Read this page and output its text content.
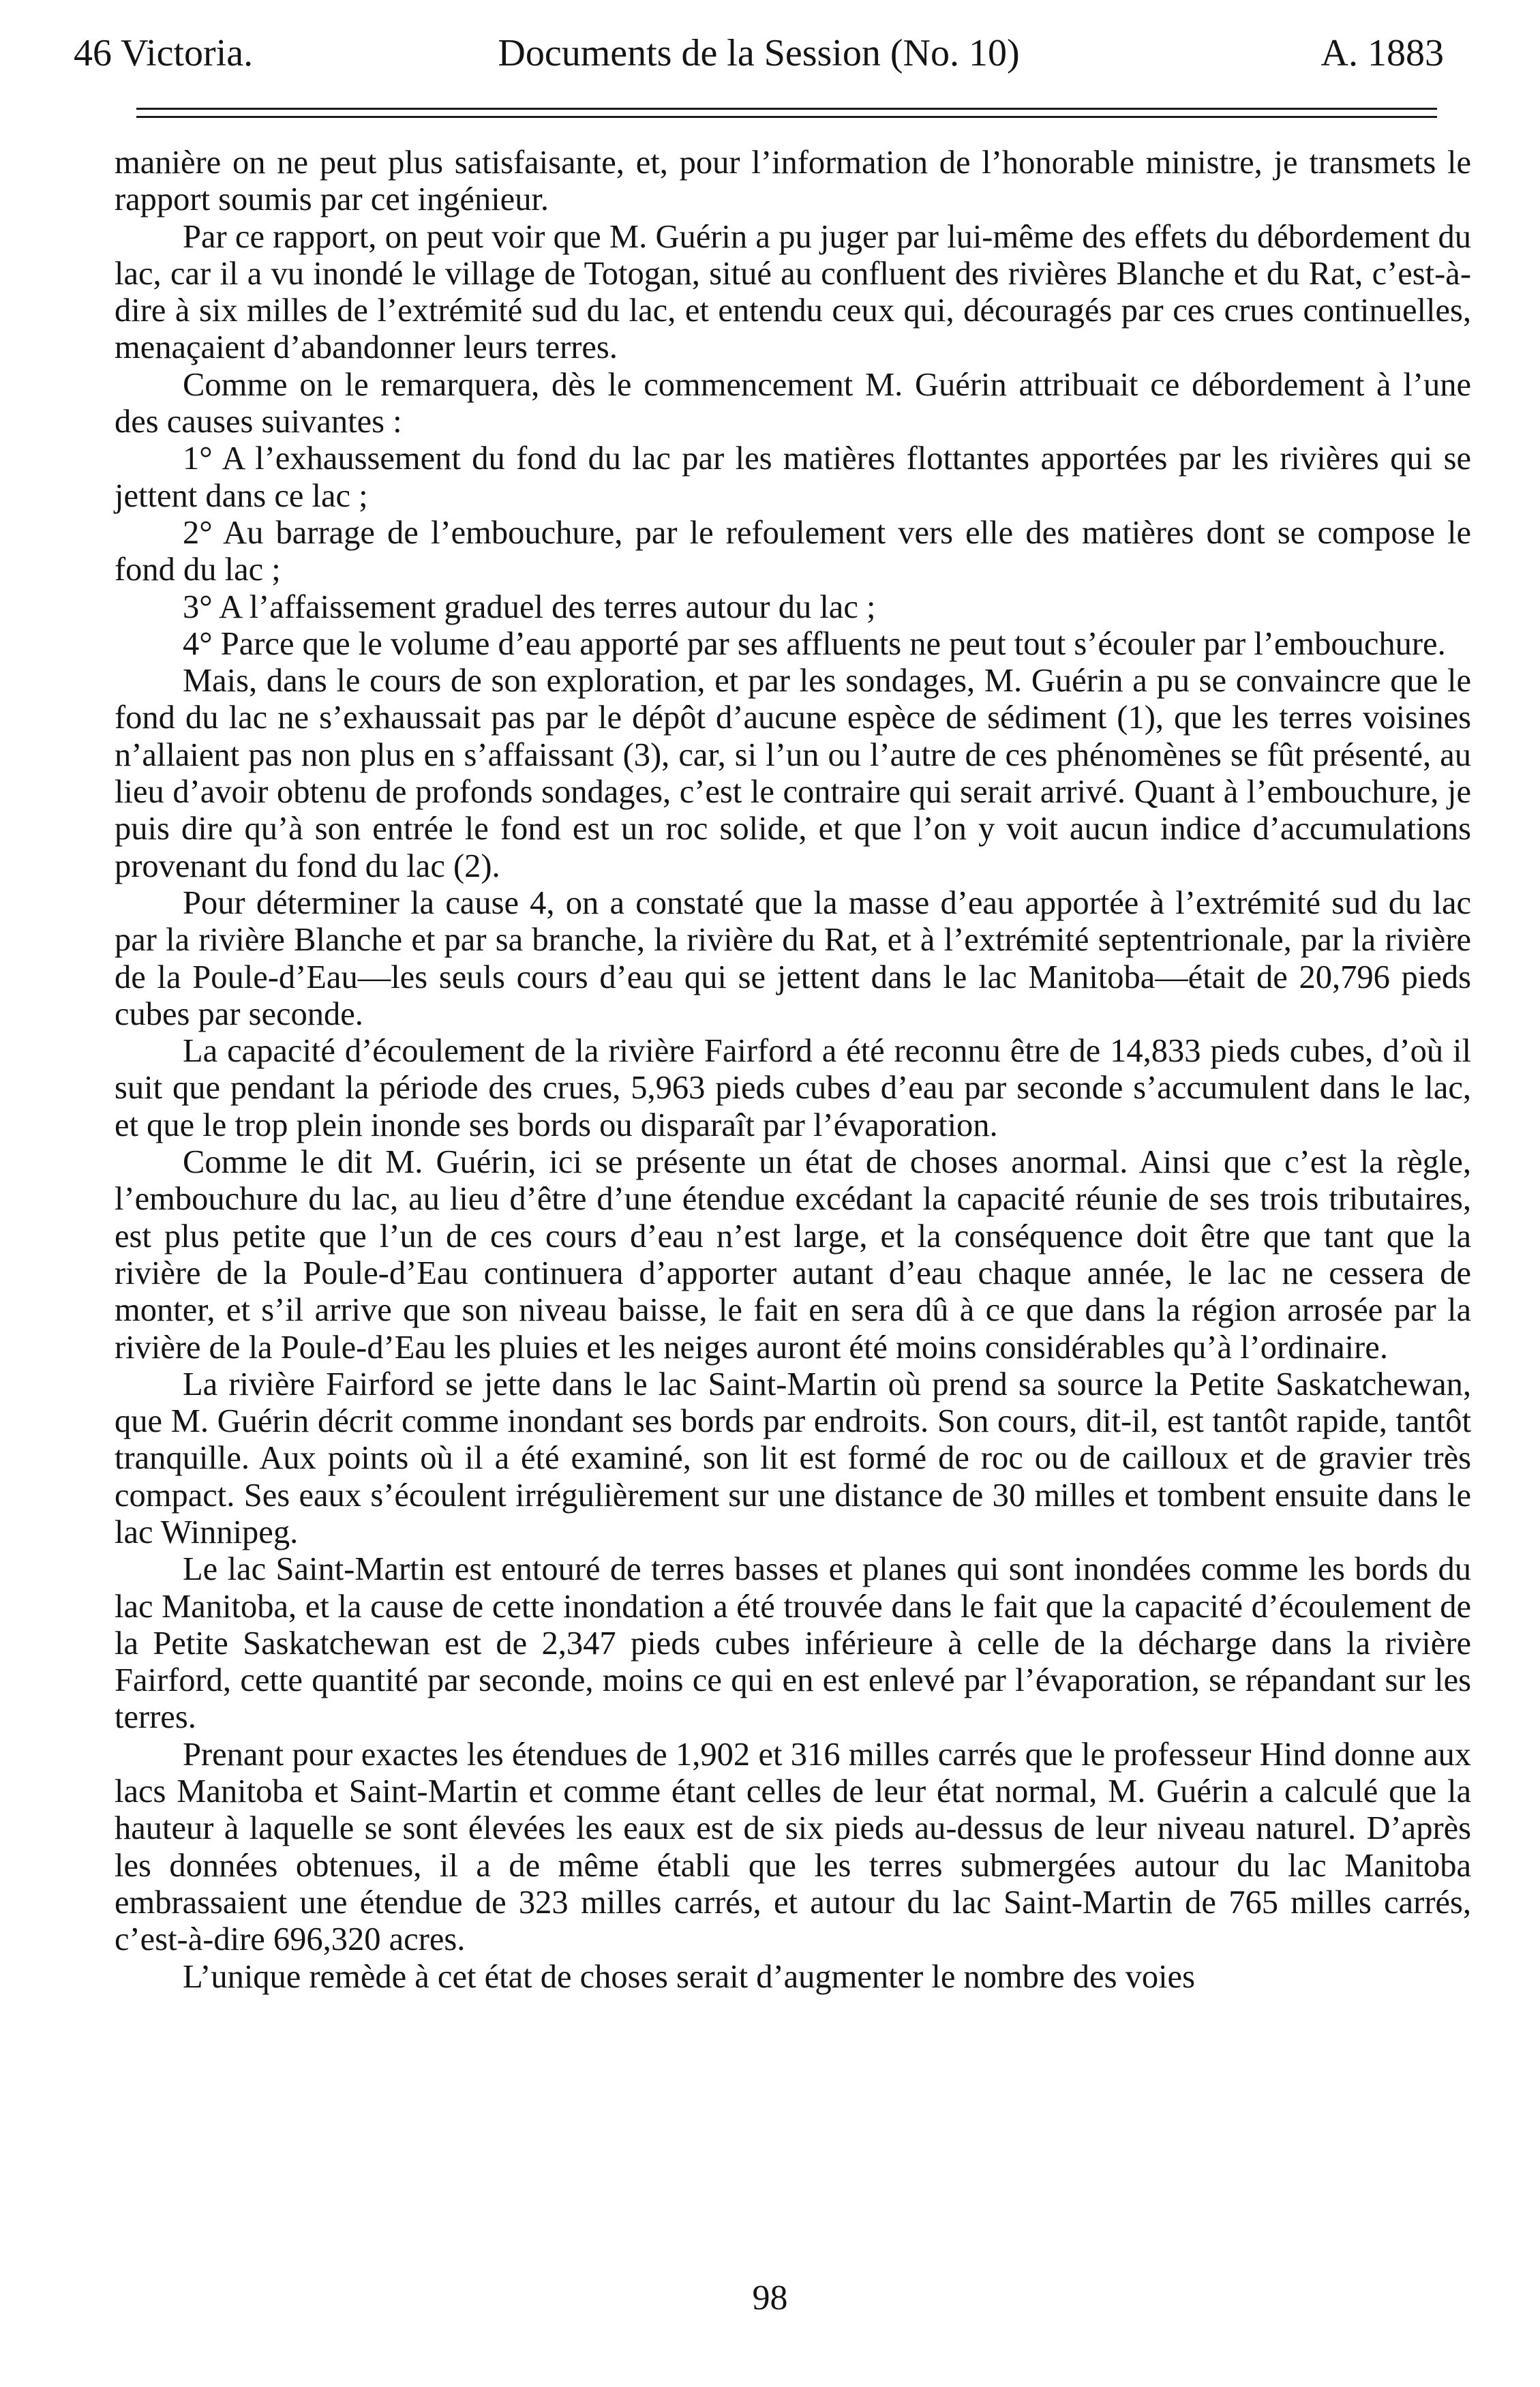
46 Victoria.	Documents de la Session (No. 10)	A. 1883

manière on ne peut plus satisfaisante, et, pour l’information de l’honorable ministre, je transmets le rapport soumis par cet ingénieur.

Par ce rapport, on peut voir que M. Guérin a pu juger par lui-même des effets du débordement du lac, car il a vu inondé le village de Totogan, situé au confluent des rivières Blanche et du Rat, c’est-à-dire à six milles de l’extrémité sud du lac, et entendu ceux qui, découragés par ces crues continuelles, menaçaient d’abandonner leurs terres.

Comme on le remarquera, dès le commencement M. Guérin attribuait ce débordement à l’une des causes suivantes :

1° A l’exhaussement du fond du lac par les matières flottantes apportées par les rivières qui se jettent dans ce lac ;

2° Au barrage de l’embouchure, par le refoulement vers elle des matières dont se compose le fond du lac ;

3° A l’affaissement graduel des terres autour du lac ;

4° Parce que le volume d’eau apporté par ses affluents ne peut tout s’écouler par l’embouchure.

Mais, dans le cours de son exploration, et par les sondages, M. Guérin a pu se convaincre que le fond du lac ne s’exhaussait pas par le dépôt d’aucune espèce de sédiment (1), que les terres voisines n’allaient pas non plus en s’affaissant (3), car, si l’un ou l’autre de ces phénomènes se fût présenté, au lieu d’avoir obtenu de profonds sondages, c’est le contraire qui serait arrivé. Quant à l’embouchure, je puis dire qu’à son entrée le fond est un roc solide, et que l’on y voit aucun indice d’accumulations provenant du fond du lac (2).

Pour déterminer la cause 4, on a constaté que la masse d’eau apportée à l’extrémité sud du lac par la rivière Blanche et par sa branche, la rivière du Rat, et à l’extrémité septentrionale, par la rivière de la Poule-d’Eau—les seuls cours d’eau qui se jettent dans le lac Manitoba—était de 20,796 pieds cubes par seconde.

La capacité d’écoulement de la rivière Fairford a été reconnu être de 14,833 pieds cubes, d’où il suit que pendant la période des crues, 5,963 pieds cubes d’eau par seconde s’accumulent dans le lac, et que le trop plein inonde ses bords ou disparaît par l’évaporation.

Comme le dit M. Guérin, ici se présente un état de choses anormal. Ainsi que c’est la règle, l’embouchure du lac, au lieu d’être d’une étendue excédant la capacité réunie de ses trois tributaires, est plus petite que l’un de ces cours d’eau n’est large, et la conséquence doit être que tant que la rivière de la Poule-d’Eau continuera d’apporter autant d’eau chaque année, le lac ne cessera de monter, et s’il arrive que son niveau baisse, le fait en sera dû à ce que dans la région arrosée par la rivière de la Poule-d’Eau les pluies et les neiges auront été moins considérables qu’à l’ordinaire.

La rivière Fairford se jette dans le lac Saint-Martin où prend sa source la Petite Saskatchewan, que M. Guérin décrit comme inondant ses bords par endroits. Son cours, dit-il, est tantôt rapide, tantôt tranquille. Aux points où il a été examiné, son lit est formé de roc ou de cailloux et de gravier très compact. Ses eaux s’écoulent irrégulièrement sur une distance de 30 milles et tombent ensuite dans le lac Winnipeg.

Le lac Saint-Martin est entouré de terres basses et planes qui sont inondées comme les bords du lac Manitoba, et la cause de cette inondation a été trouvée dans le fait que la capacité d’écoulement de la Petite Saskatchewan est de 2,347 pieds cubes inférieure à celle de la décharge dans la rivière Fairford, cette quantité par seconde, moins ce qui en est enlevé par l’évaporation, se répandant sur les terres.

Prenant pour exactes les étendues de 1,902 et 316 milles carrés que le professeur Hind donne aux lacs Manitoba et Saint-Martin et comme étant celles de leur état normal, M. Guérin a calculé que la hauteur à laquelle se sont élevées les eaux est de six pieds au-dessus de leur niveau naturel. D’après les données obtenues, il a de même établi que les terres submergées autour du lac Manitoba embrassaient une étendue de 323 milles carrés, et autour du lac Saint-Martin de 765 milles carrés, c’est-à-dire 696,320 acres.

L’unique remède à cet état de choses serait d’augmenter le nombre des voies

98
